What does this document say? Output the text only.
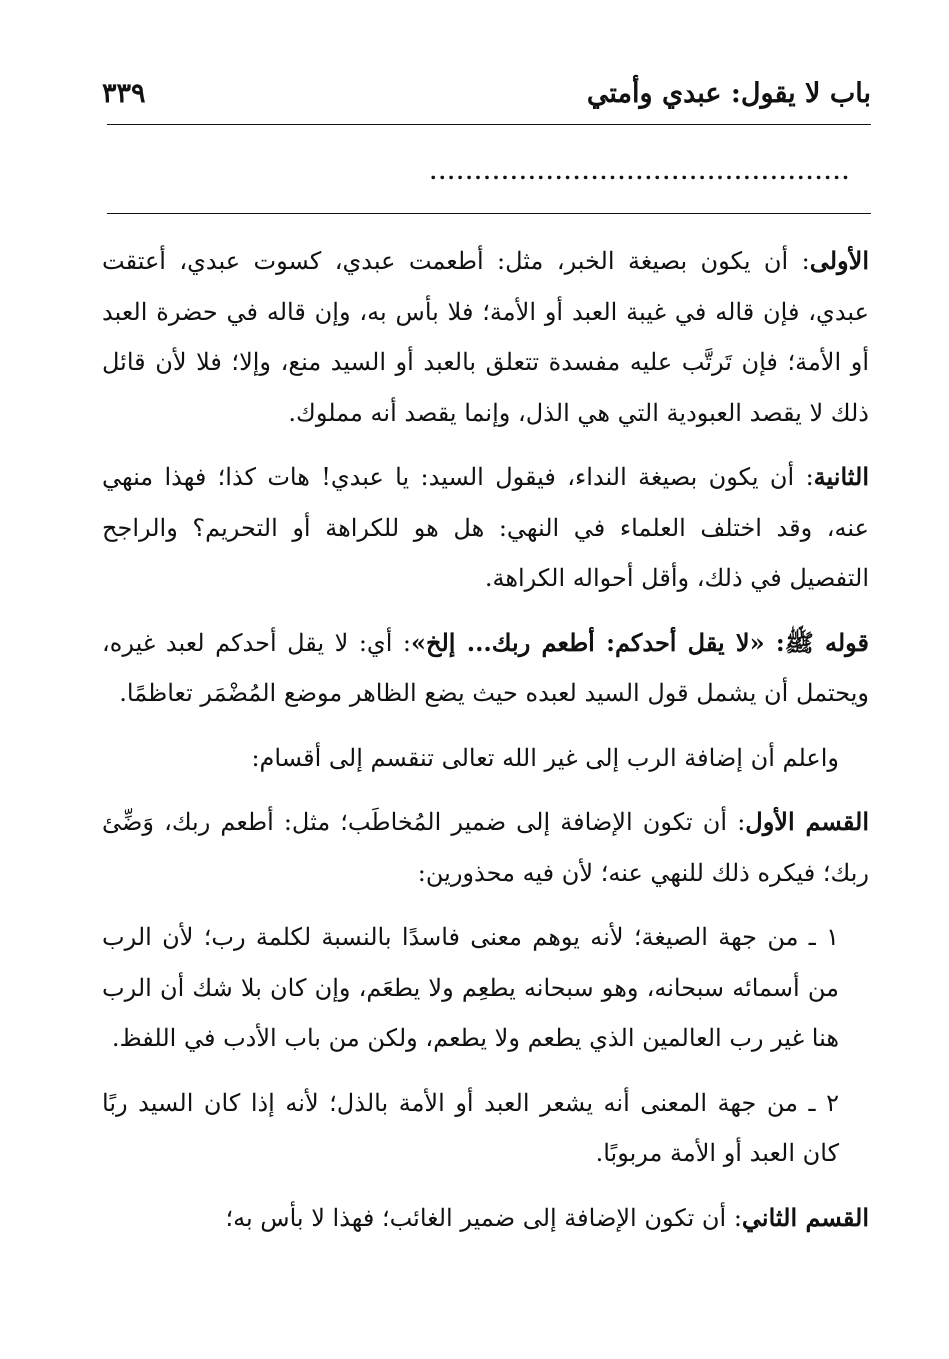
باب لا يقول: عبدي وأمتي
٣٣٩
...............................................

الأولى: أن يكون بصيغة الخبر، مثل: أطعمت عبدي، كسوت عبدي، أعتقت عبدي، فإن قاله في غيبة العبد أو الأمة؛ فلا بأس به، وإن قاله في حضرة العبد أو الأمة؛ فإن تَرتَّب عليه مفسدة تتعلق بالعبد أو السيد منع، وإلا؛ فلا لأن قائل ذلك لا يقصد العبودية التي هي الذل، وإنما يقصد أنه مملوك.

الثانية: أن يكون بصيغة النداء، فيقول السيد: يا عبدي! هات كذا؛ فهذا منهي عنه، وقد اختلف العلماء في النهي: هل هو للكراهة أو التحريم؟ والراجح التفصيل في ذلك، وأقل أحواله الكراهة.

قوله ﷺ: «لا يقل أحدكم: أطعم ربك... إلخ»: أي: لا يقل أحدكم لعبد غيره، ويحتمل أن يشمل قول السيد لعبده حيث يضع الظاهر موضع المُضْمَر تعاظمًا.

واعلم أن إضافة الرب إلى غير الله تعالى تنقسم إلى أقسام:

القسم الأول: أن تكون الإضافة إلى ضمير المُخاطَب؛ مثل: أطعم ربك، وَضِّئ ربك؛ فيكره ذلك للنهي عنه؛ لأن فيه محذورين:

١ ـ من جهة الصيغة؛ لأنه يوهم معنى فاسدًا بالنسبة لكلمة رب؛ لأن الرب من أسمائه سبحانه، وهو سبحانه يطعِم ولا يطعَم، وإن كان بلا شك أن الرب هنا غير رب العالمين الذي يطعم ولا يطعم، ولكن من باب الأدب في اللفظ.

٢ ـ من جهة المعنى أنه يشعر العبد أو الأمة بالذل؛ لأنه إذا كان السيد ربًا كان العبد أو الأمة مربوبًا.

القسم الثاني: أن تكون الإضافة إلى ضمير الغائب؛ فهذا لا بأس به؛
